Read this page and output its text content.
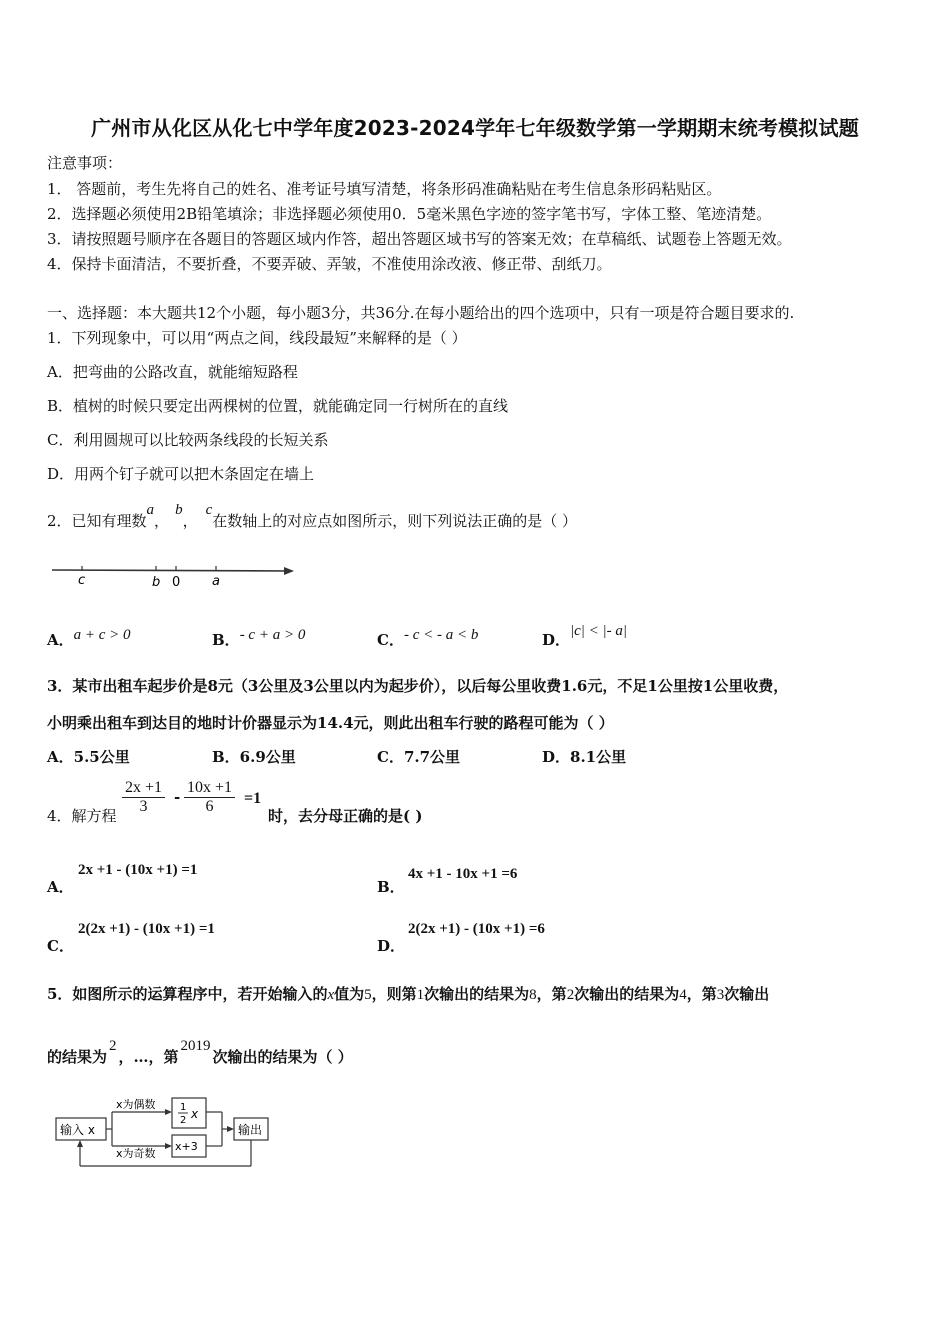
广州市从化区从化七中学年度2023-2024学年七年级数学第一学期期末统考模拟试题
注意事项：
1． 答题前，考生先将自己的姓名、准考证号填写清楚，将条形码准确粘贴在考生信息条形码粘贴区。
2．选择题必须使用2B铅笔填涂；非选择题必须使用0．5毫米黑色字迹的签字笔书写，字体工整、笔迹清楚。
3．请按照题号顺序在各题目的答题区域内作答，超出答题区域书写的答案无效；在草稿纸、试题卷上答题无效。
4．保持卡面清洁，不要折叠，不要弄破、弄皱，不准使用涂改液、修正带、刮纸刀。
一、选择题：本大题共12个小题，每小题3分，共36分.在每小题给出的四个选项中，只有一项是符合题目要求的.
1．下列现象中，可以用“两点之间，线段最短”来解释的是（ ）
A．把弯曲的公路改直，就能缩短路程
B．植树的时候只要定出两棵树的位置，就能确定同一行树所在的直线
C．利用圆规可以比较两条线段的长短关系
D．用两个钉子就可以把木条固定在墙上
2．已知有理数a，b，c在数轴上的对应点如图所示，则下列说法正确的是（ ）
c	b 0 a
A．a + c > 0	B．- c + a > 0	C．- c < - a < b	D．|c| < |- a|
3．某市出租车起步价是8元（3公里及3公里以内为起步价），以后每公里收费1.6元，不足1公里按1公里收费，
小明乘出租车到达目的地时计价器显示为14.4元，则此出租车行驶的路程可能为（ ）
A．5.5公里	B．6.9公里	C．7.7公里	D．8.1公里
4．解方程 $\frac{2x +1}{3} - \frac{10x +1}{6} =1$
时，去分母正确的是( )
A．
2x +1 - (10x +1) =1
B．
4x +1 - 10x +1 =6
C．
2(2x +1) - (10x +1) =1
D．
2(2x +1) - (10x +1) =6
5．如图所示的运算程序中，若开始输入的x值为5，则第1次输出的结果为8，第2次输出的结果为4，第3次输出
的结果为2，…，第2019次输出的结果为（ ）
输入 x
x为偶数
x为奇数
1
2 x
x+3
输出
